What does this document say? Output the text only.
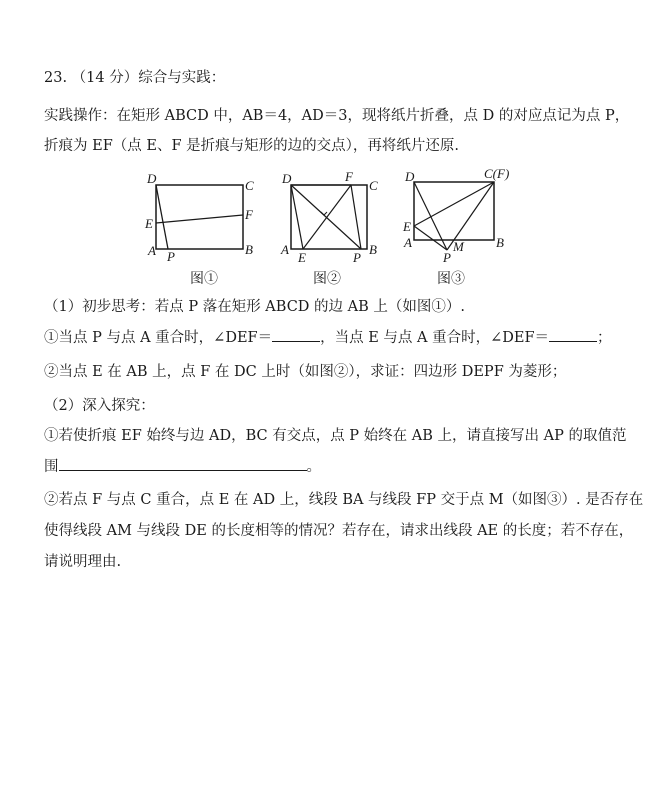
23. （14 分）综合与实践：
实践操作：在矩形 ABCD 中，AB＝4，AD＝3，现将纸片折叠，点 D 的对应点记为点 P，
折痕为 EF（点 E、F 是折痕与矩形的边的交点），再将纸片还原.
D	C
E
F
A P	B
D	F
C
A
E	P
B
D	C(F)
E
A	M
P
B
图①	图②	图③
（1）初步思考：若点 P 落在矩形 ABCD 的边 AB 上（如图①）.
①当点 P 与点 A 重合时，∠DEF＝	，当点 E 与点 A 重合时，∠DEF＝	；
②当点 E 在 AB 上，点 F 在 DC 上时（如图②），求证：四边形 DEPF 为菱形；
（2）深入探究：
①若使折痕 EF 始终与边 AD，BC 有交点，点 P 始终在 AB 上，请直接写出 AP 的取值范
围	。
②若点 F 与点 C 重合，点 E 在 AD 上，线段 BA 与线段 FP 交于点 M（如图③）. 是否存在
使得线段 AM 与线段 DE 的长度相等的情况？若存在，请求出线段 AE 的长度；若不存在，
请说明理由.
